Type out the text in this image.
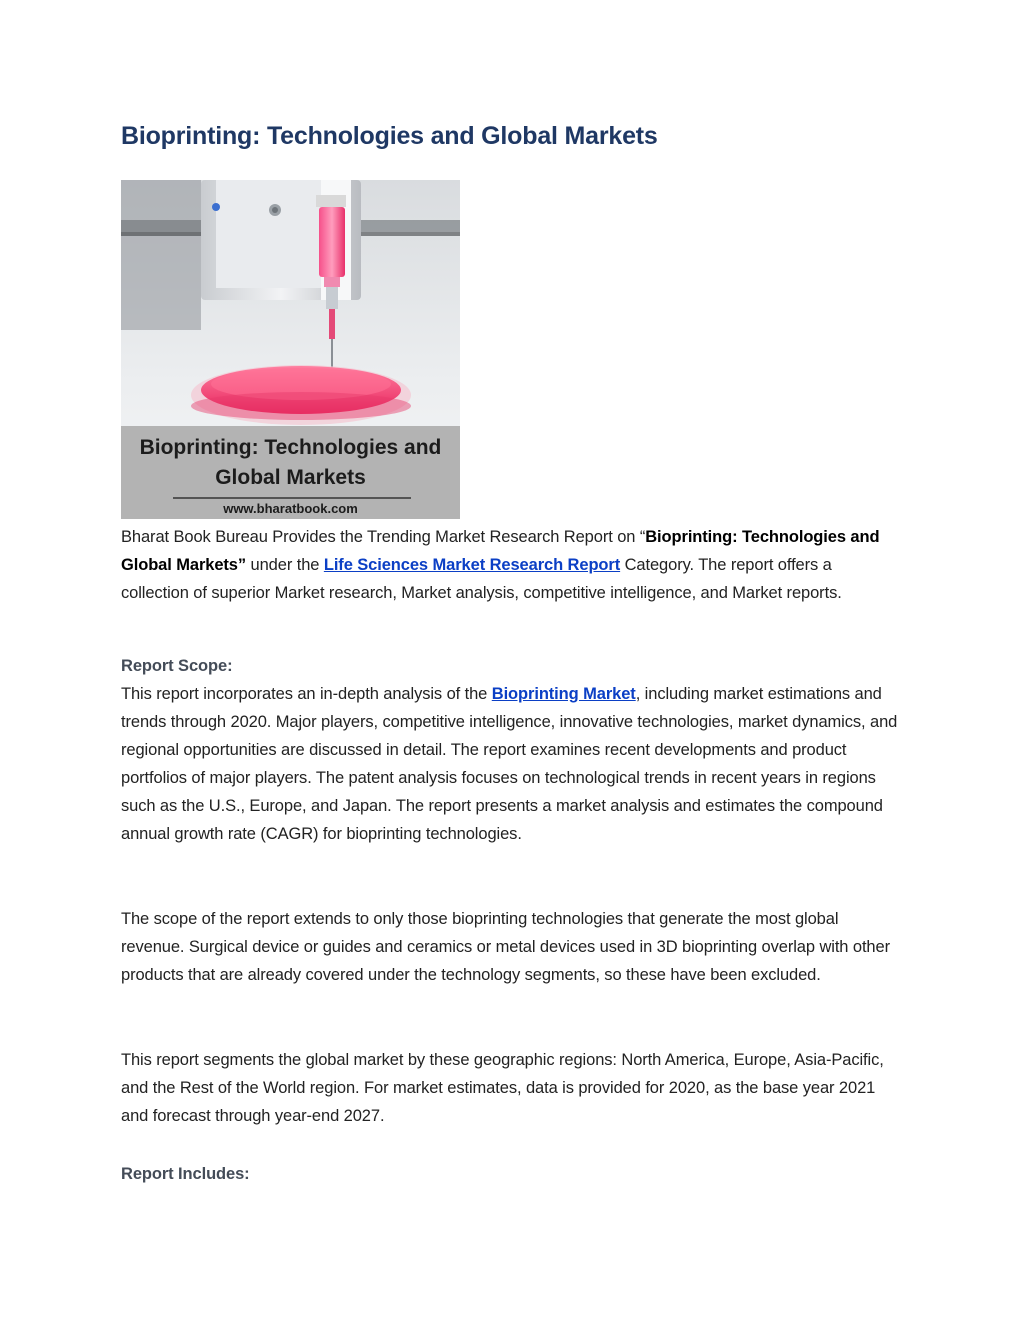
Bioprinting: Technologies and Global Markets
Bioprinting: Technologies and
Global Markets
www.bharatbook.com

Bharat Book Bureau Provides the Trending Market Research Report on “Bioprinting: Technologies and Global Markets” under the Life Sciences Market Research Report Category. The report offers a collection of superior Market research, Market analysis, competitive intelligence, and Market reports.

Report Scope:

This report incorporates an in-depth analysis of the Bioprinting Market, including market estimations and trends through 2020. Major players, competitive intelligence, innovative technologies, market dynamics, and regional opportunities are discussed in detail. The report examines recent developments and product portfolios of major players. The patent analysis focuses on technological trends in recent years in regions such as the U.S., Europe, and Japan. The report presents a market analysis and estimates the compound annual growth rate (CAGR) for bioprinting technologies.

The scope of the report extends to only those bioprinting technologies that generate the most global revenue. Surgical device or guides and ceramics or metal devices used in 3D bioprinting overlap with other products that are already covered under the technology segments, so these have been excluded.

This report segments the global market by these geographic regions: North America, Europe, Asia-Pacific, and the Rest of the World region. For market estimates, data is provided for 2020, as the base year 2021 and forecast through year-end 2027.

Report Includes:
